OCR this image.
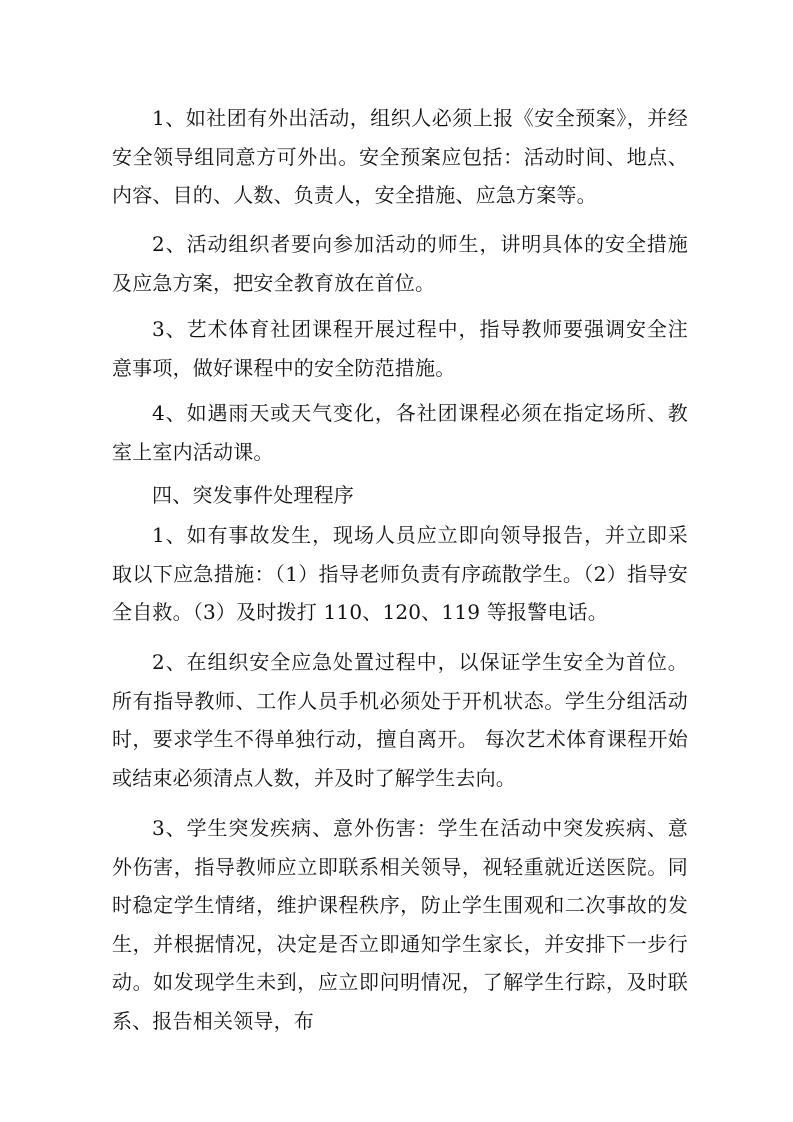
1、如社团有外出活动，组织人必须上报《安全预案》，并经安全领导组同意方可外出。安全预案应包括：活动时间、地点、内容、目的、人数、负责人，安全措施、应急方案等。

2、活动组织者要向参加活动的师生，讲明具体的安全措施及应急方案，把安全教育放在首位。

3、艺术体育社团课程开展过程中，指导教师要强调安全注意事项，做好课程中的安全防范措施。

4、如遇雨天或天气变化，各社团课程必须在指定场所、教室上室内活动课。

四、突发事件处理程序

1、如有事故发生，现场人员应立即向领导报告，并立即采取以下应急措施：（1）指导老师负责有序疏散学生。（2）指导安全自救。（3）及时拨打 110、120、119 等报警电话。

2、在组织安全应急处置过程中，以保证学生安全为首位。所有指导教师、工作人员手机必须处于开机状态。学生分组活动时，要求学生不得单独行动，擅自离开。 每次艺术体育课程开始或结束必须清点人数，并及时了解学生去向。

3、学生突发疾病、意外伤害：学生在活动中突发疾病、意外伤害，指导教师应立即联系相关领导，视轻重就近送医院。同时稳定学生情绪，维护课程秩序，防止学生围观和二次事故的发生，并根据情况，决定是否立即通知学生家长，并安排下一步行动。如发现学生未到，应立即问明情况，了解学生行踪，及时联系、报告相关领导，布
